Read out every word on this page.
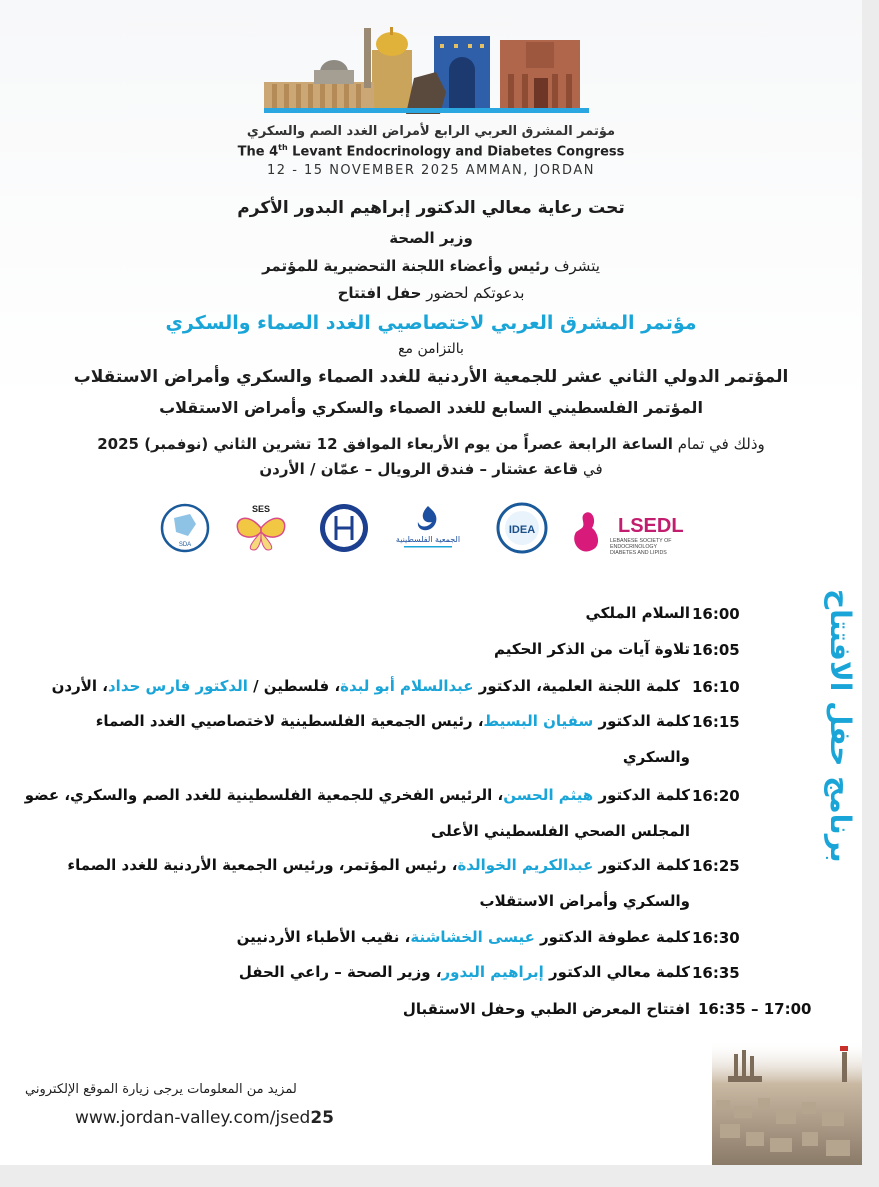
مؤتمر المشرق العربي الرابع لأمراض الغدد الصم والسكري
The 4th Levant Endocrinology and Diabetes Congress
12 - 15 NOVEMBER 2025 AMMAN, JORDAN
تحت رعاية معالي الدكتور إبراهيم البدور الأكرم
وزير الصحة
يتشرف رئيس وأعضاء اللجنة التحضيرية للمؤتمر
بدعوتكم لحضور حفل افتتاح
مؤتمر المشرق العربي لاختصاصيي الغدد الصماء والسكري
بالتزامن مع
المؤتمر الدولي الثاني عشر للجمعية الأردنية للغدد الصماء والسكري وأمراض الاستقلاب
المؤتمر الفلسطيني السابع للغدد الصماء والسكري وأمراض الاستقلاب
وذلك في تمام الساعة الرابعة عصراً من يوم الأربعاء الموافق 12 تشرين الثاني (نوفمبر) 2025
في قاعة عشتار – فندق الرويال – عمّان / الأردن
LSEDL
LEBANESE SOCIETY OF
ENDOCRINOLOGY
DIABETES AND LIPIDS
IDEA
الجمعية الفلسطينية
SES
SDA
برنامج حفل الافتتاح
16:00
السلام الملكي
16:05
تلاوة آيات من الذكر الحكيم
16:10
كلمة اللجنة العلمية، الدكتور عبدالسلام أبو لبدة، فلسطين / الدكتور فارس حداد، الأردن
16:15
كلمة الدكتور سفيان البسيط، رئيس الجمعية الفلسطينية لاختصاصيي الغدد الصماء والسكري
16:20
كلمة الدكتور هيثم الحسن، الرئيس الفخري للجمعية الفلسطينية للغدد الصم والسكري، عضو المجلس الصحي الفلسطيني الأعلى
16:25
كلمة الدكتور عبدالكريم الخوالدة، رئيس المؤتمر، ورئيس الجمعية الأردنية للغدد الصماء والسكري وأمراض الاستقلاب
16:30
كلمة عطوفة الدكتور عيسى الخشاشنة، نقيب الأطباء الأردنيين
16:35
كلمة معالي الدكتور إبراهيم البدور، وزير الصحة – راعي الحفل
16:35 – 17:00
افتتاح المعرض الطبي وحفل الاستقبال
لمزيد من المعلومات يرجى زيارة الموقع الإلكتروني
www.jordan-valley.com/jsed25
